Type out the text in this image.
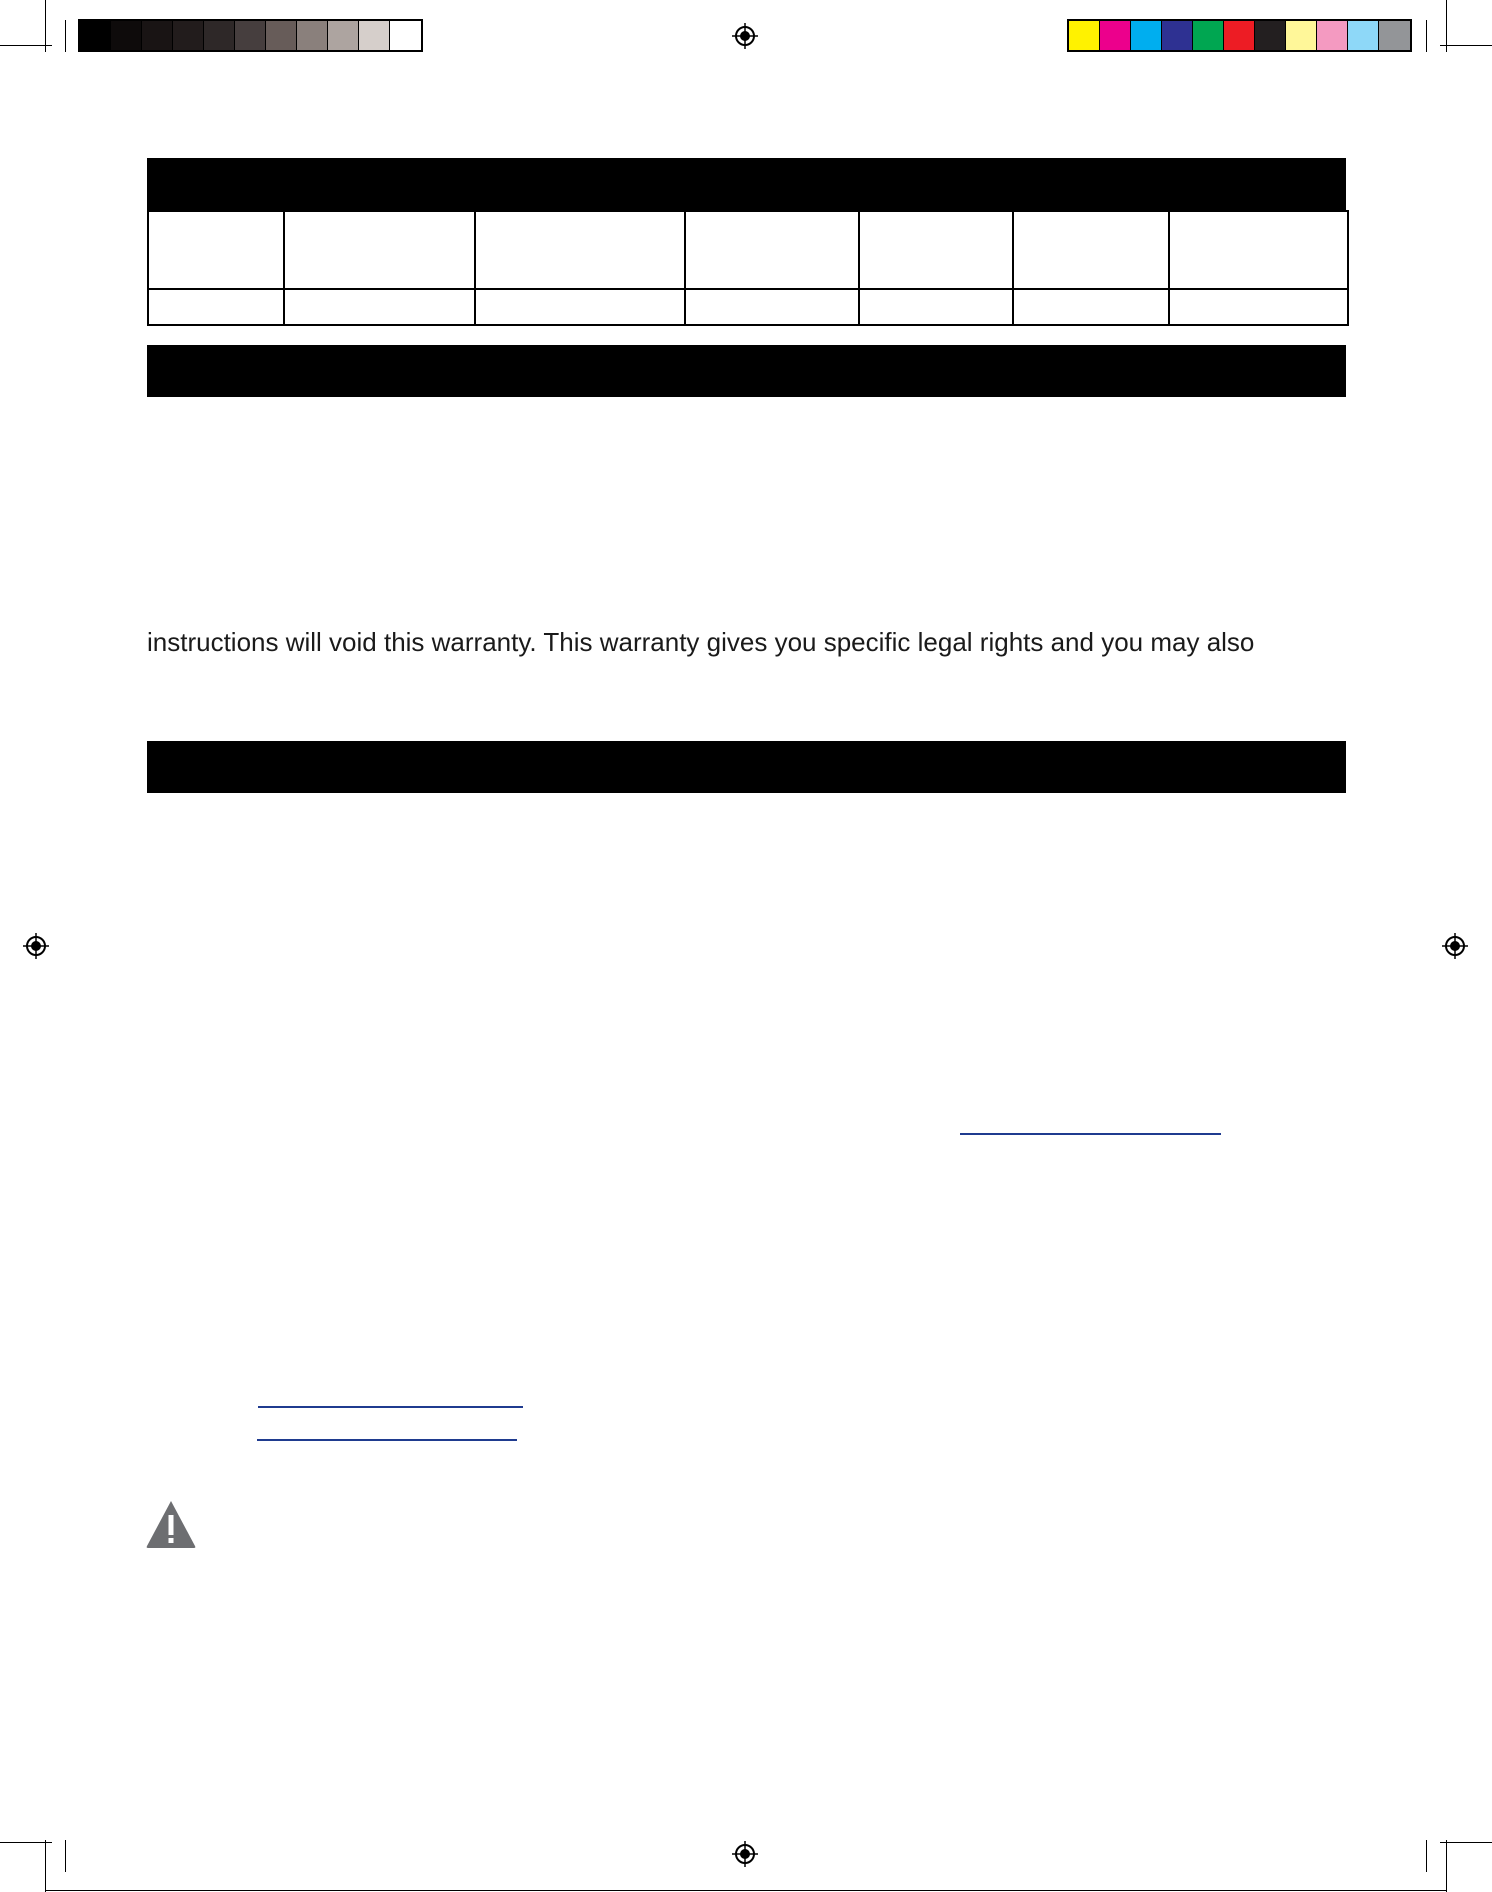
instructions will void this warranty. This warranty gives you specific legal rights and you may also
